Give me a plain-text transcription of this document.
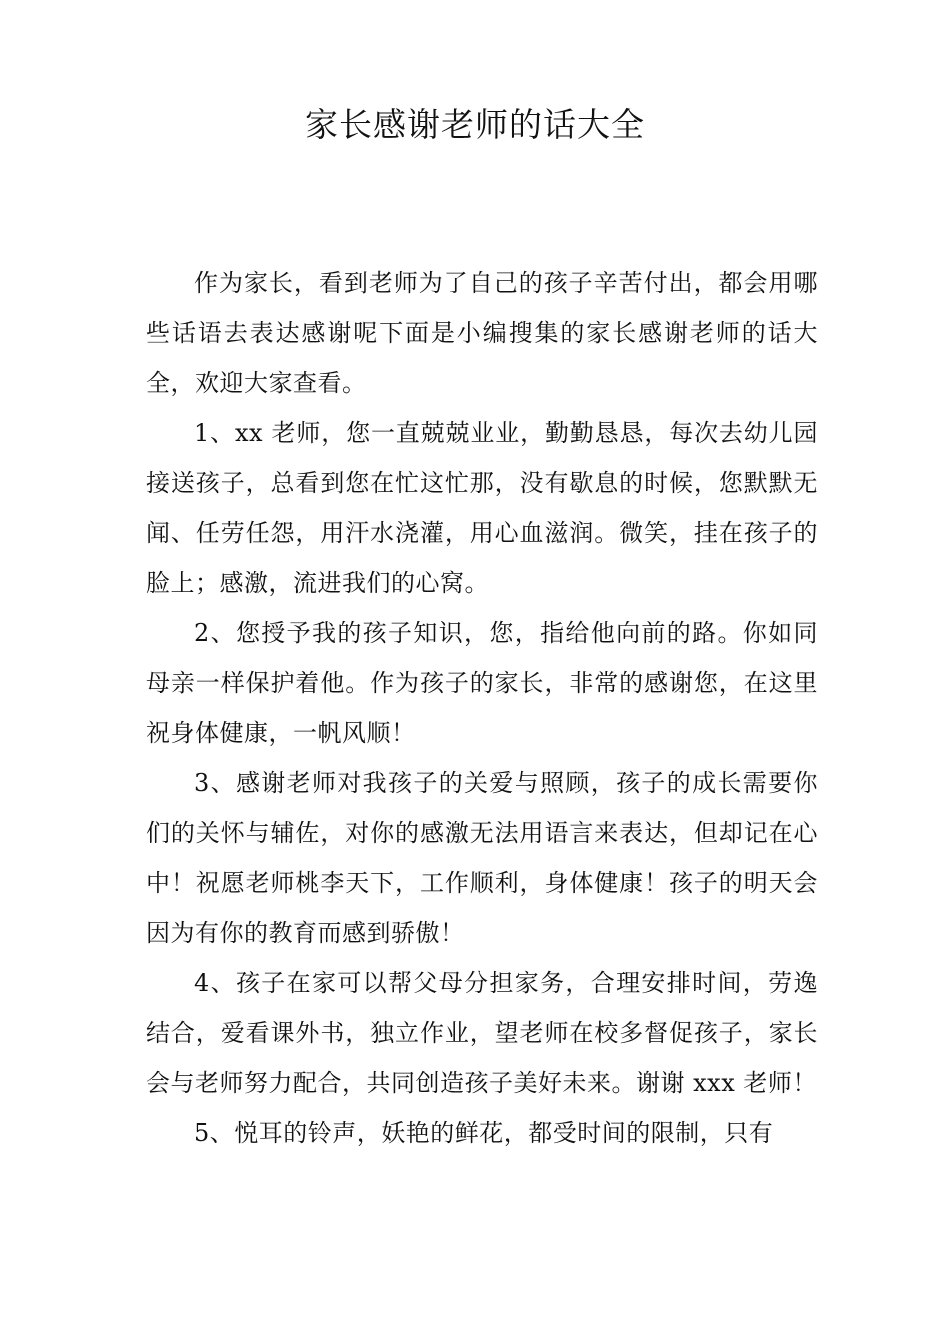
家长感谢老师的话大全

作为家长，看到老师为了自己的孩子辛苦付出，都会用哪些话语去表达感谢呢下面是小编搜集的家长感谢老师的话大全，欢迎大家查看。

1、xx 老师，您一直兢兢业业，勤勤恳恳，每次去幼儿园接送孩子，总看到您在忙这忙那，没有歇息的时候，您默默无闻、任劳任怨，用汗水浇灌，用心血滋润。微笑，挂在孩子的脸上；感激，流进我们的心窝。

2、您授予我的孩子知识，您，指给他向前的路。你如同母亲一样保护着他。作为孩子的家长，非常的感谢您，在这里祝身体健康，一帆风顺！

3、感谢老师对我孩子的关爱与照顾，孩子的成长需要你们的关怀与辅佐，对你的感激无法用语言来表达，但却记在心中！祝愿老师桃李天下，工作顺利，身体健康！孩子的明天会因为有你的教育而感到骄傲！

4、孩子在家可以帮父母分担家务，合理安排时间，劳逸结合，爱看课外书，独立作业，望老师在校多督促孩子，家长会与老师努力配合，共同创造孩子美好未来。谢谢 xxx 老师！

5、悦耳的铃声，妖艳的鲜花，都受时间的限制，只有
